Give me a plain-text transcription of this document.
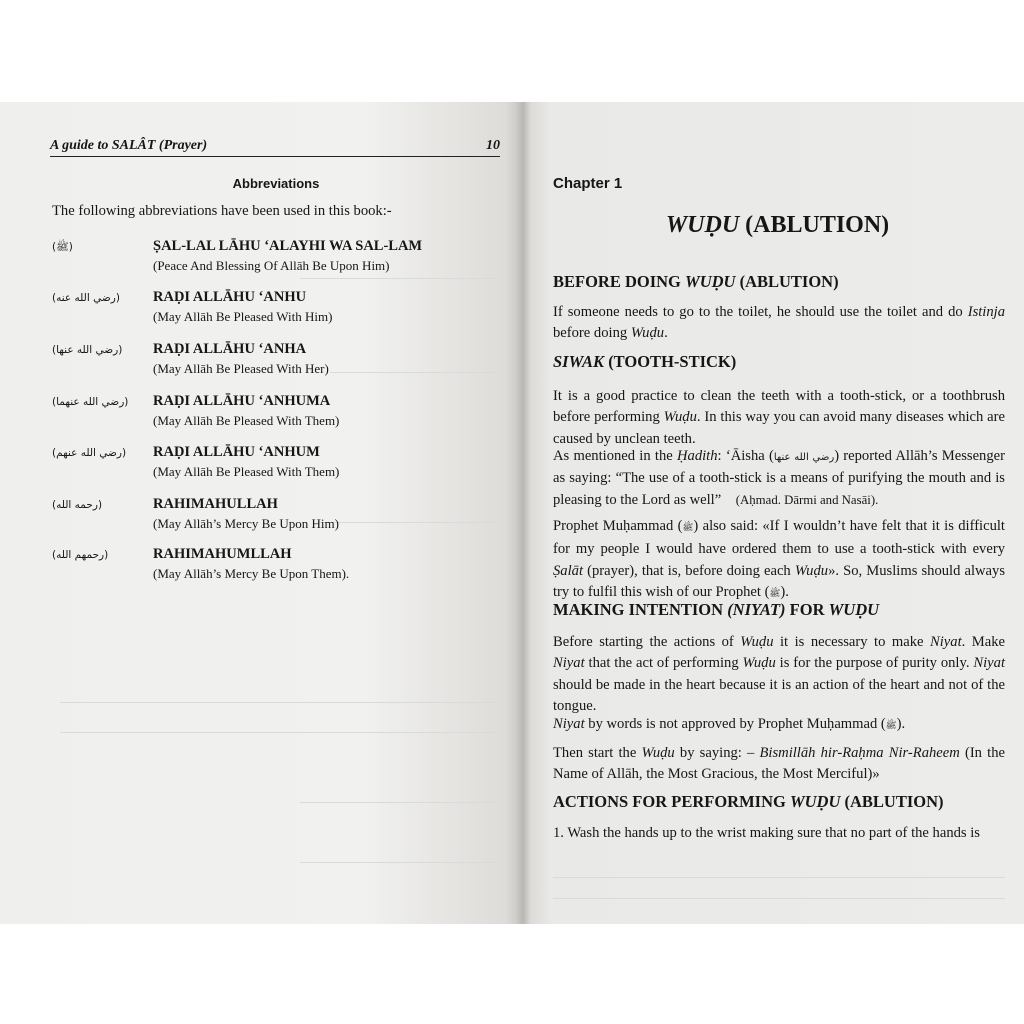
A guide to SALÂT (Prayer)	10
Abbreviations
The following abbreviations have been used in this book:-
(ﷺ)	ṢAL-LAL LĀHU ‘ALAYHI WA SAL-LAM
(Peace And Blessing Of Allāh Be Upon Him)
(رضي الله عنه) RAḌI ALLĀHU ‘ANHU
(May Allāh Be Pleased With Him)
(رضي الله عنها) RAḌI ALLĀHU ‘ANHA
(May Allāh Be Pleased With Her)
(رضي الله عنهما) RAḌI ALLĀHU ‘ANHUMA
(May Allāh Be Pleased With Them)
(رضي الله عنهم) RAḌI ALLĀHU ‘ANHUM
(May Allāh Be Pleased With Them)
(رحمه الله)	RAHIMAHULLAH
(May Allāh’s Mercy Be Upon Him)
(رحمهم الله)	RAHIMAHUMLLAH
(May Allāh’s Mercy Be Upon Them).
Chapter 1
WUḌU (ABLUTION)
BEFORE DOING WUḌU (ABLUTION)
If someone needs to go to the toilet, he should use the toilet and do Istinja before doing Wuḍu.
SIWAK (TOOTH-STICK)
It is a good practice to clean the teeth with a tooth-stick, or a toothbrush before performing Wuḍu. In this way you can avoid many diseases which are caused by unclean teeth.
As mentioned in the Ḥadith: ‘Āisha (رضي الله عنها) reported Allāh’s Messenger as saying: “The use of a tooth-stick is a means of purifying the mouth and is pleasing to the Lord as well” (Aḥmad. Dārmi and Nasāi).
Prophet Muḥammad (ﷺ) also said: «If I wouldn’t have felt that it is difficult for my people I would have ordered them to use a tooth-stick with every Ṣalāt (prayer), that is, before doing each Wuḍu». So, Muslims should always try to fulfil this wish of our Prophet (ﷺ).
MAKING INTENTION (NIYAT) FOR WUḌU
Before starting the actions of Wuḍu it is necessary to make Niyat. Make Niyat that the act of performing Wuḍu is for the purpose of purity only. Niyat should be made in the heart because it is an action of the heart and not of the tongue.
Niyat by words is not approved by Prophet Muḥammad (ﷺ).
Then start the Wuḍu by saying: – Bismillāh hir-Raḥma Nir-Raheem (In the Name of Allāh, the Most Gracious, the Most Merciful)»
ACTIONS FOR PERFORMING WUḌU (ABLUTION)
1. Wash the hands up to the wrist making sure that no part of the hands is
